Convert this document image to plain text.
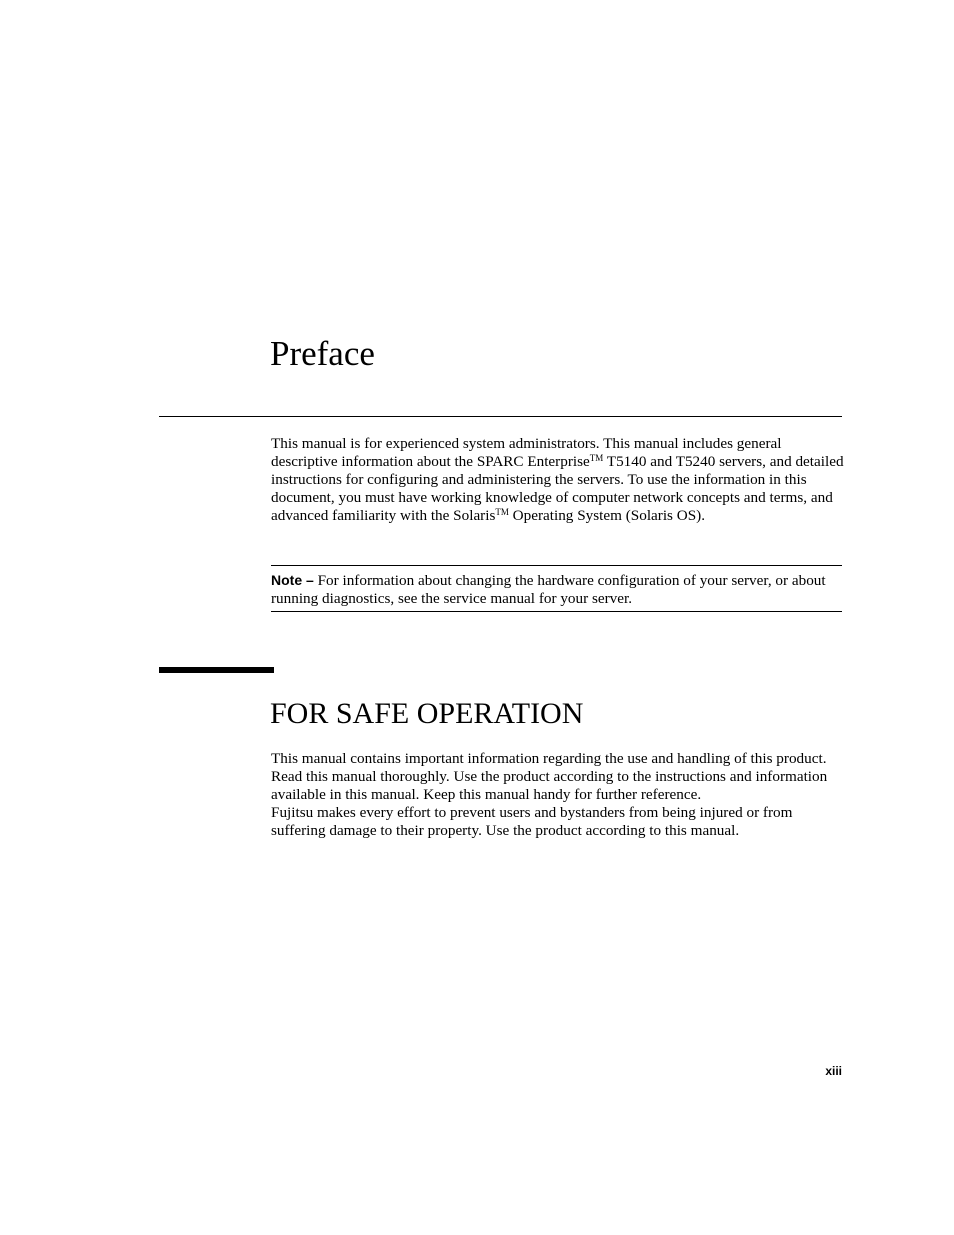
Preface

This manual is for experienced system administrators. This manual includes general descriptive information about the SPARC Enterprise™ T5140 and T5240 servers, and detailed instructions for configuring and administering the servers. To use the information in this document, you must have working knowledge of computer network concepts and terms, and advanced familiarity with the Solaris™ Operating System (Solaris OS).

Note – For information about changing the hardware configuration of your server, or about running diagnostics, see the service manual for your server.

FOR SAFE OPERATION

This manual contains important information regarding the use and handling of this product. Read this manual thoroughly. Use the product according to the instructions and information available in this manual. Keep this manual handy for further reference.
Fujitsu makes every effort to prevent users and bystanders from being injured or from suffering damage to their property. Use the product according to this manual.

xiii
